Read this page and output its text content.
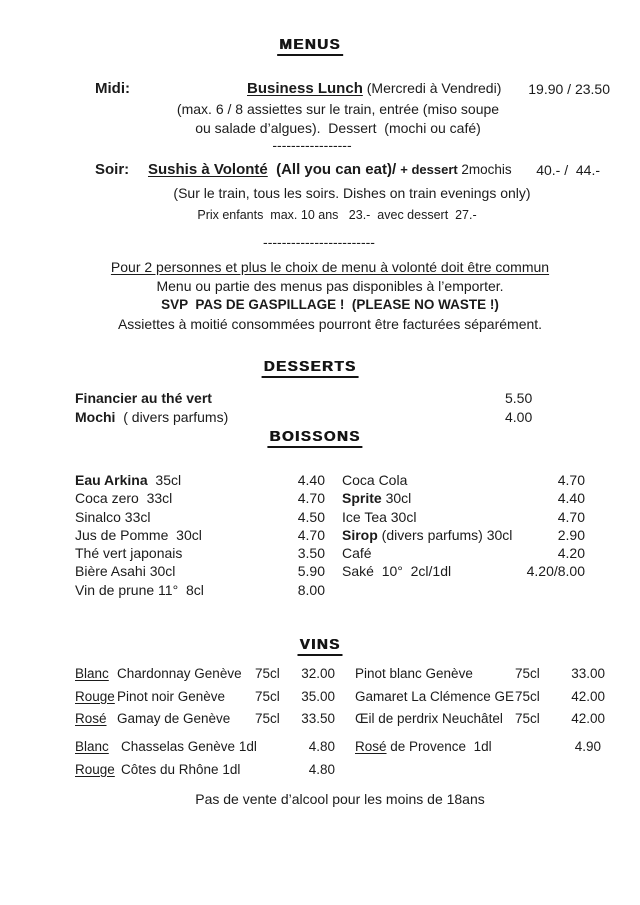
MENUS
Midi:	Business Lunch (Mercredi à Vendredi) 19.90 / 23.50
(max. 6 / 8 assiettes sur le train, entrée (miso soupe
ou salade d’algues).  Dessert  (mochi ou café)
-----------------
Soir: Sushis à Volonté  (All you can eat)/ + dessert 2mochis 40.- /  44.-
(Sur le train, tous les soirs. Dishes on train evenings only)
Prix enfants  max. 10 ans   23.-  avec dessert  27.-
------------------------
Pour 2 personnes et plus le choix de menu à volonté doit être commun
Menu ou partie des menus pas disponibles à l’emporter.
SVP  PAS DE GASPILLAGE !  (PLEASE NO WASTE !)
Assiettes à moitié consommées pourront être facturées séparément.
DESSERTS
Financier au thé vert	5.50
Mochi  ( divers parfums)	4.00
BOISSONS
Eau Arkina  35cl	4.40 Coca Cola	4.70
Coca zero  33cl	4.70 Sprite 30cl	4.40
Sinalco 33cl	4.50 Ice Tea 30cl	4.70
Jus de Pomme  30cl	4.70 Sirop (divers parfums) 30cl	2.90
Thé vert japonais	3.50 Café	4.20
Bière Asahi 30cl	5.90 Saké  10°  2cl/1dl	4.20/8.00
Vin de prune 11°  8cl	8.00
VINS
Blanc Chardonnay Genève 75cl	32.00	Pinot blanc Genève	75cl	33.00
Rouge Pinot noir Genève	75cl	35.00	Gamaret La Clémence GE 75cl	42.00
Rosé Gamay de Genève	75cl	33.50	Œil de perdrix Neuchâtel 75cl	42.00
Blanc Chasselas Genève 1dl	4.80	Rosé de Provence  1dl	4.90
Rouge Côtes du Rhône 1dl	4.80
Pas de vente d’alcool pour les moins de 18ans
